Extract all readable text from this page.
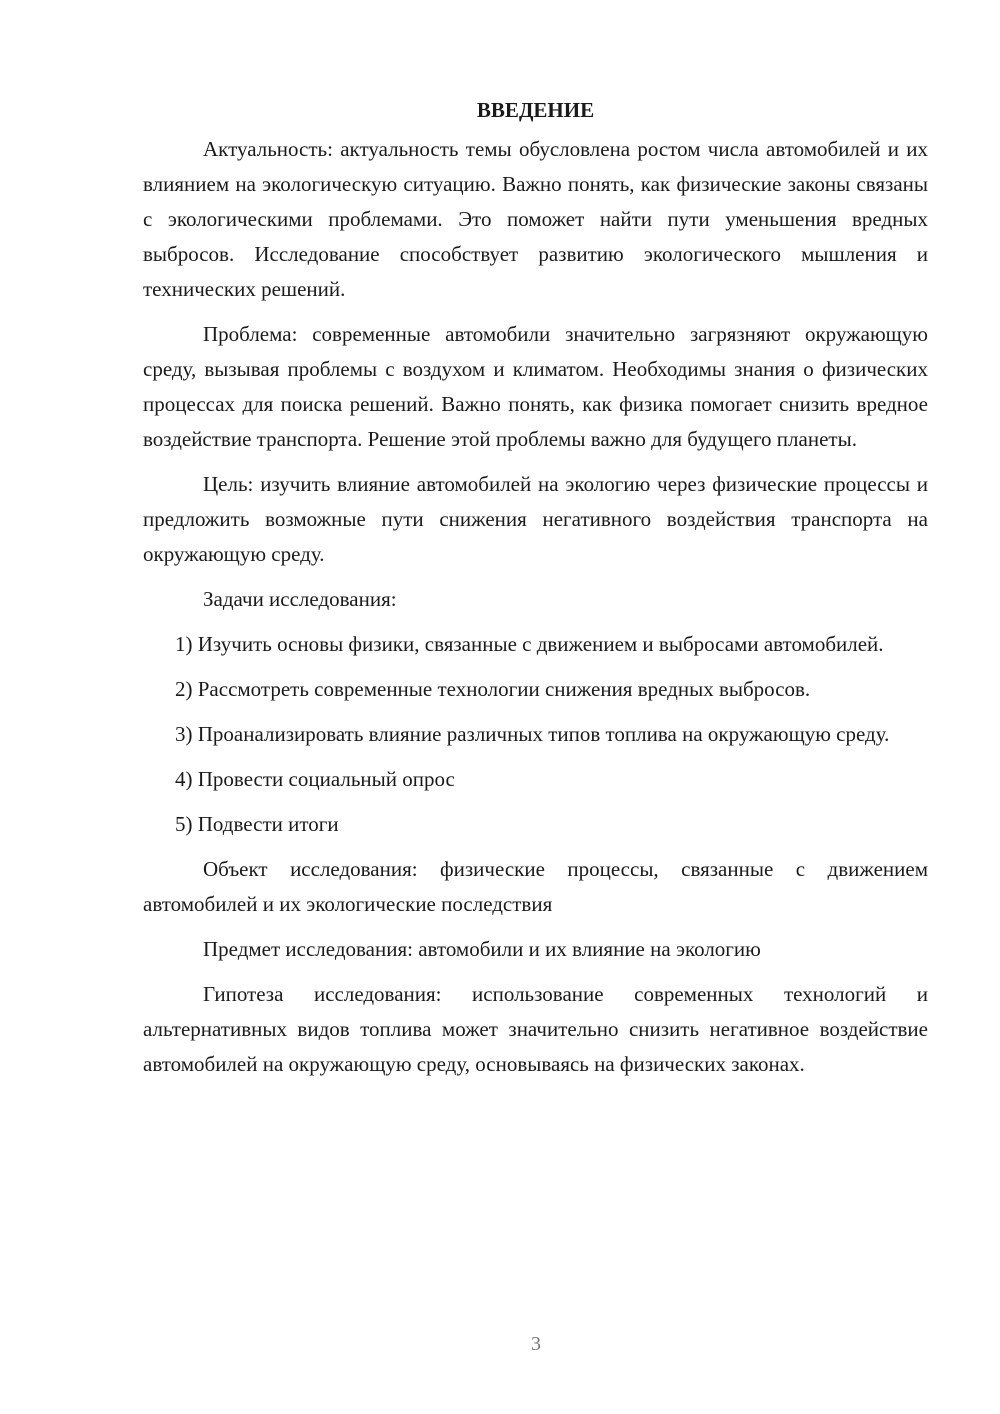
ВВЕДЕНИЕ

Актуальность: актуальность темы обусловлена ростом числа автомобилей и их влиянием на экологическую ситуацию. Важно понять, как физические законы связаны с экологическими проблемами. Это поможет найти пути уменьшения вредных выбросов. Исследование способствует развитию экологического мышления и технических решений.

Проблема: современные автомобили значительно загрязняют окружающую среду, вызывая проблемы с воздухом и климатом. Необходимы знания о физических процессах для поиска решений. Важно понять, как физика помогает снизить вредное воздействие транспорта. Решение этой проблемы важно для будущего планеты.

Цель: изучить влияние автомобилей на экологию через физические процессы и предложить возможные пути снижения негативного воздействия транспорта на окружающую среду.

Задачи исследования:

1) Изучить основы физики, связанные с движением и выбросами автомобилей.

2) Рассмотреть современные технологии снижения вредных выбросов.

3) Проанализировать влияние различных типов топлива на окружающую среду.

4) Провести социальный опрос

5) Подвести итоги

Объект исследования: физические процессы, связанные с движением автомобилей и их экологические последствия

Предмет исследования: автомобили и их влияние на экологию

Гипотеза исследования: использование современных технологий и альтернативных видов топлива может значительно снизить негативное воздействие автомобилей на окружающую среду, основываясь на физических законах.

3
